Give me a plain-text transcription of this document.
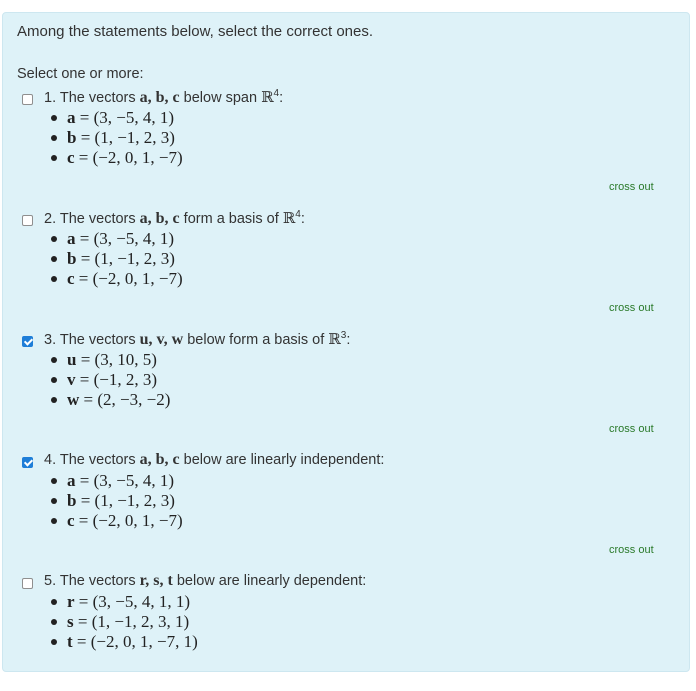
Among the statements below, select the correct ones.
Select one or more:
1. The vectors a, b, c below span ℝ$^4$:
a = (3, −5, 4, 1)
b = (1, −1, 2, 3)
c = (−2, 0, 1, −7)
cross out
2. The vectors a, b, c form a basis of ℝ$^4$:
a = (3, −5, 4, 1)
b = (1, −1, 2, 3)
c = (−2, 0, 1, −7)
cross out
3. The vectors u, v, w below form a basis of ℝ$^3$:
u = (3, 10, 5)
v = (−1, 2, 3)
w = (2, −3, −2)
cross out
4. The vectors a, b, c below are linearly independent:
a = (3, −5, 4, 1)
b = (1, −1, 2, 3)
c = (−2, 0, 1, −7)
cross out
5. The vectors r, s, t below are linearly dependent:
r = (3, −5, 4, 1, 1)
s = (1, −1, 2, 3, 1)
t = (−2, 0, 1, −7, 1)
